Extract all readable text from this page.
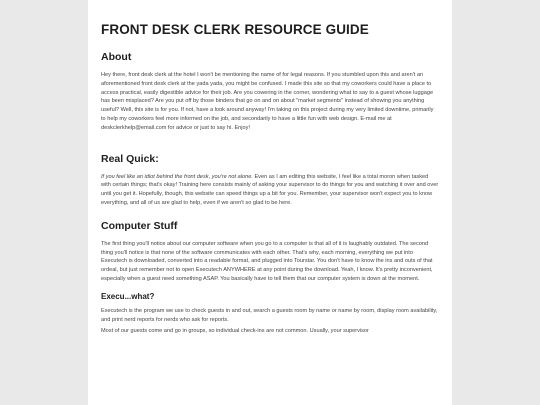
FRONT DESK CLERK RESOURCE GUIDE
About

Hey there, front desk clerk at the hotel I won't be mentioning the name of for legal reasons. If you stumbled upon this and aren't an aforementioned front desk clerk at the yada yada, you might be confused. I made this site so that my coworkers could have a place to access practical, easily digestible advice for their job. Are you cowering in the corner, wondering what to say to a guest whose luggage has been misplaced? Are you put off by those binders that go on and on about "market segments" instead of showing you anything useful? Well, this site is for you. If not, have a look around anyway! I'm taking on this project during my very limited downtime, primarily to help my coworkers feel more informed on the job, and secondarily to have a little fun with web design. E-mail me at deskclerkhelp@email.com for advice or just to say hi. Enjoy!

Real Quick:

If you feel like an idiot behind the front desk, you're not alone. Even as I am editing this website, I feel like a total moron when tasked with certain things; that's okay! Training here consists mainly of asking your supervisor to do things for you and watching it over and over until you get it. Hopefully, though, this website can speed things up a bit for you. Remember, your supervisor won't expect you to know everything, and all of us are glad to help, even if we aren't so glad to be here.

Computer Stuff

The first thing you'll notice about our computer software when you go to a computer is that all of it is laughably outdated. The second thing you'll notice is that none of the software communicates with each other. That's why, each morning, everything we put into Executech is downloaded, converted into a readable format, and plugged into Tourstar. You don't have to know the ins and outs of that ordeal, but just remember not to open Executech ANYWHERE at any point during the download. Yeah, I know. It's pretty inconvenient, especially when a guest need something ASAP. You basically have to tell them that our computer system is down at the moment.

Execu...what?

Executech is the program we use to check guests in and out, search a guests room by name or name by room, display room availability, and print nerd reports for nerds who ask for reports.

Most of our guests come and go in groups, so individual check-ins are not common. Usually, your supervisor
